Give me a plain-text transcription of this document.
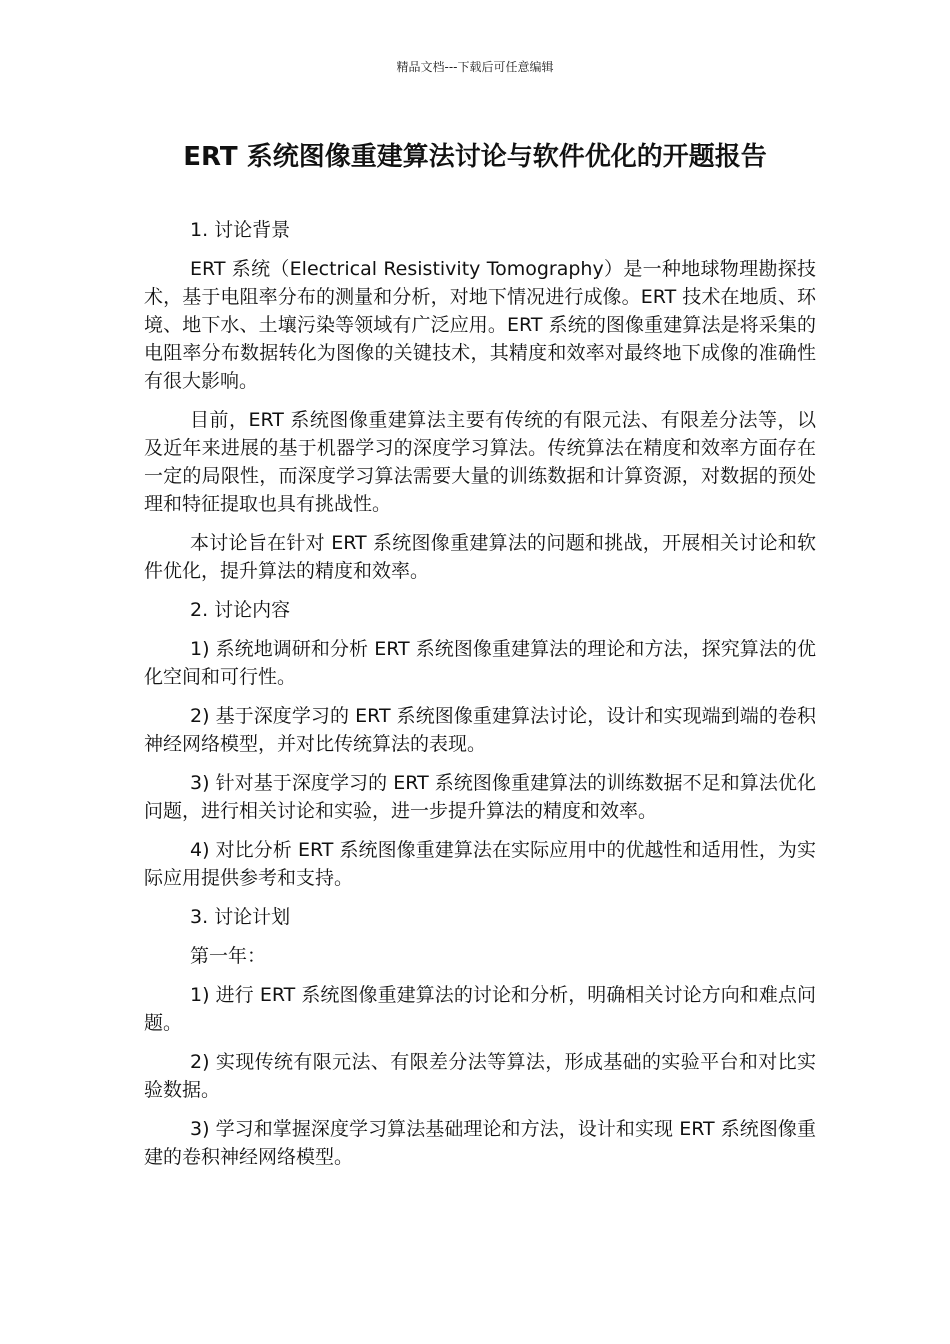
精品文档---下载后可任意编辑
ERT 系统图像重建算法讨论与软件优化的开题报告

1. 讨论背景

ERT 系统（Electrical Resistivity Tomography）是一种地球物理勘探技术，基于电阻率分布的测量和分析，对地下情况进行成像。ERT 技术在地质、环境、地下水、土壤污染等领域有广泛应用。ERT 系统的图像重建算法是将采集的电阻率分布数据转化为图像的关键技术，其精度和效率对最终地下成像的准确性有很大影响。

目前，ERT 系统图像重建算法主要有传统的有限元法、有限差分法等，以及近年来进展的基于机器学习的深度学习算法。传统算法在精度和效率方面存在一定的局限性，而深度学习算法需要大量的训练数据和计算资源，对数据的预处理和特征提取也具有挑战性。

本讨论旨在针对 ERT 系统图像重建算法的问题和挑战，开展相关讨论和软件优化，提升算法的精度和效率。

2. 讨论内容

1) 系统地调研和分析 ERT 系统图像重建算法的理论和方法，探究算法的优化空间和可行性。

2) 基于深度学习的 ERT 系统图像重建算法讨论，设计和实现端到端的卷积神经网络模型，并对比传统算法的表现。

3) 针对基于深度学习的 ERT 系统图像重建算法的训练数据不足和算法优化问题，进行相关讨论和实验，进一步提升算法的精度和效率。

4) 对比分析 ERT 系统图像重建算法在实际应用中的优越性和适用性，为实际应用提供参考和支持。

3. 讨论计划

第一年：

1) 进行 ERT 系统图像重建算法的讨论和分析，明确相关讨论方向和难点问题。

2) 实现传统有限元法、有限差分法等算法，形成基础的实验平台和对比实验数据。

3) 学习和掌握深度学习算法基础理论和方法，设计和实现 ERT 系统图像重建的卷积神经网络模型。
